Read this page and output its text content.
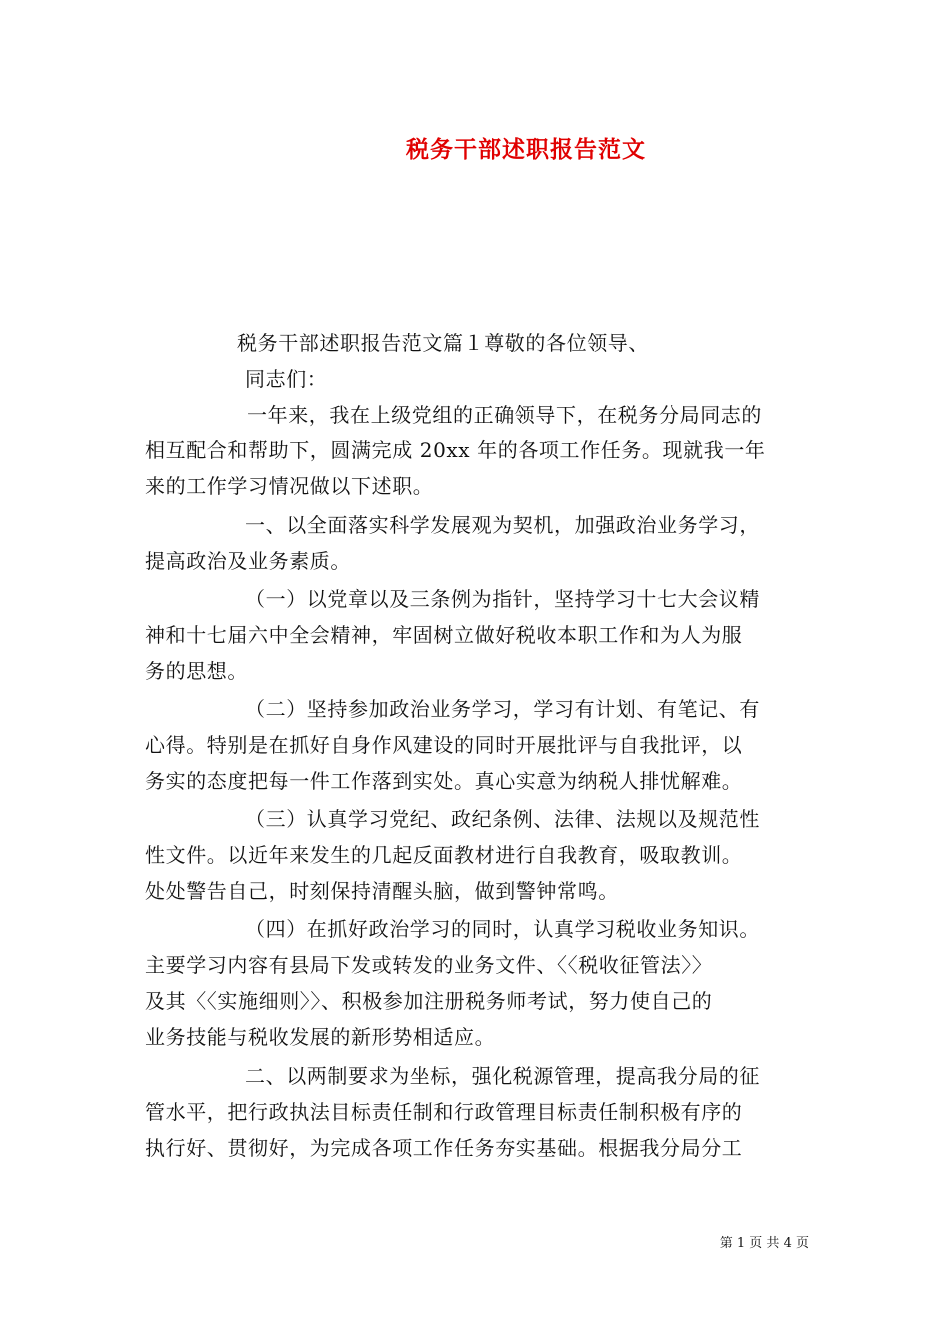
税务干部述职报告范文
税务干部述职报告范文篇１尊敬的各位领导、
同志们：
一年来，我在上级党组的正确领导下，在税务分局同志的
相互配合和帮助下，圆满完成 20xx 年的各项工作任务。现就我一年
来的工作学习情况做以下述职。
一、以全面落实科学发展观为契机，加强政治业务学习，
提高政治及业务素质。
（一）以党章以及三条例为指针，坚持学习十七大会议精
神和十七届六中全会精神，牢固树立做好税收本职工作和为人为服
务的思想。
（二）坚持参加政治业务学习，学习有计划、有笔记、有
心得。特别是在抓好自身作风建设的同时开展批评与自我批评，以
务实的态度把每一件工作落到实处。真心实意为纳税人排忧解难。
（三）认真学习党纪、政纪条例、法律、法规以及规范性
性文件。以近年来发生的几起反面教材进行自我教育，吸取教训。
处处警告自己，时刻保持清醒头脑，做到警钟常鸣。
（四）在抓好政治学习的同时，认真学习税收业务知识。
主要学习内容有县局下发或转发的业务文件、〈〈税收征管法〉〉
及其〈〈实施细则〉〉、积极参加注册税务师考试，努力使自己的
业务技能与税收发展的新形势相适应。
二、以两制要求为坐标，强化税源管理，提高我分局的征
管水平，把行政执法目标责任制和行政管理目标责任制积极有序的
执行好、贯彻好，为完成各项工作任务夯实基础。根据我分局分工
第 1 页 共 4 页
